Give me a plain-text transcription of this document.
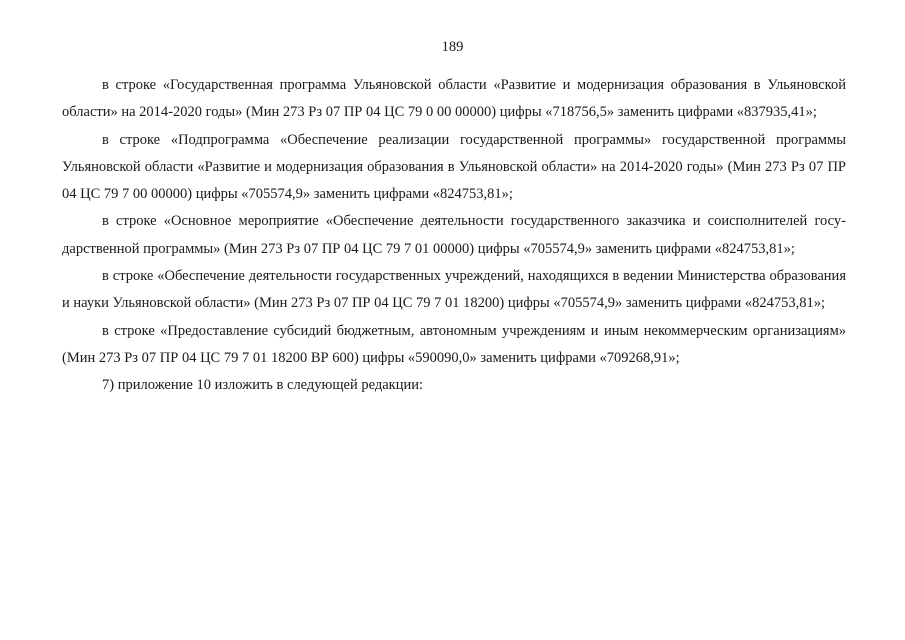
189

в строке «Государственная программа Ульяновской области «Развитие и модернизация образования в Ульяновской области» на 2014-2020 годы» (Мин 273 Рз 07 ПР 04 ЦС 79 0 00 00000) цифры «718756,5» заменить цифрами «837935,41»;

в строке «Подпрограмма «Обеспечение реализации государственной программы» государственной программы Ульяновской области «Развитие и модернизация образования в Ульяновской области» на 2014-2020 годы» (Мин 273 Рз 07 ПР 04 ЦС 79 7 00 00000) цифры «705574,9» заменить цифрами «824753,81»;

в строке «Основное мероприятие «Обеспечение деятельности государственного заказчика и соисполнителей государственной программы» (Мин 273 Рз 07 ПР 04 ЦС 79 7 01 00000) цифры «705574,9» заменить цифрами «824753,81»;

в строке «Обеспечение деятельности государственных учреждений, находящихся в ведении Министерства образования и науки Ульяновской области» (Мин 273 Рз 07 ПР 04 ЦС 79 7 01 18200) цифры «705574,9» заменить цифрами «824753,81»;

в строке «Предоставление субсидий бюджетным, автономным учреждениям и иным некоммерческим организациям» (Мин 273 Рз 07 ПР 04 ЦС 79 7 01 18200 ВР 600) цифры «590090,0» заменить цифрами «709268,91»;

7) приложение 10 изложить в следующей редакции:
